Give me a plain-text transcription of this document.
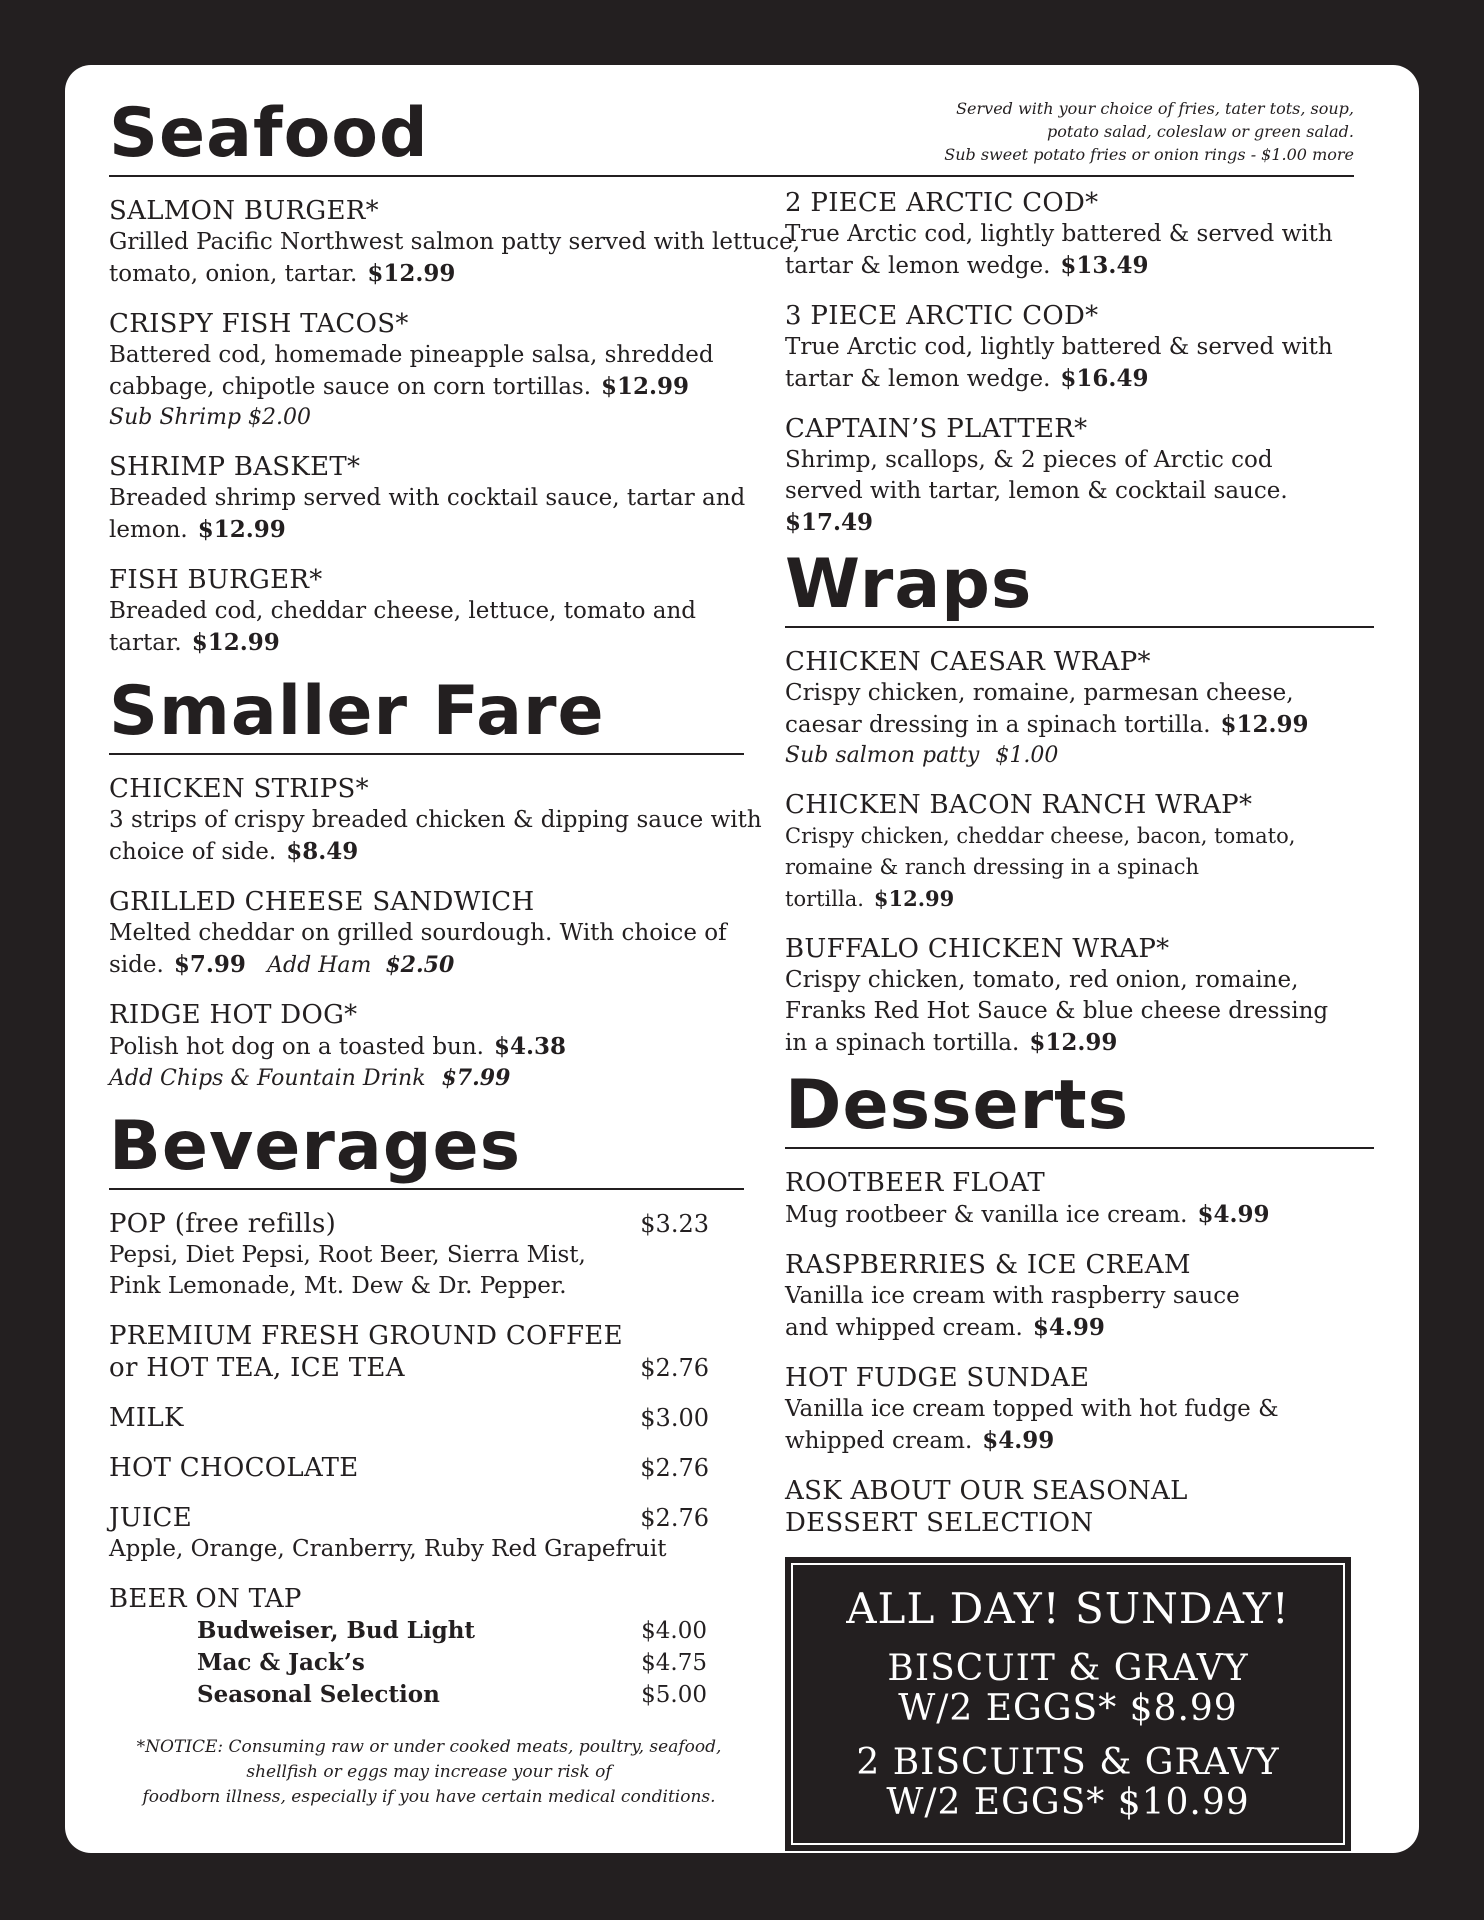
Seafood	Served with your choice of fries, tater tots, soup,
potato salad, coleslaw or green salad.
Sub sweet potato fries or onion rings - $1.00 more
SALMON BURGER*
Grilled Pacific Northwest salmon patty served with lettuce, tomato, onion, tartar. $12.99
CRISPY FISH TACOS*
Battered cod, homemade pineapple salsa, shredded cabbage, chipotle sauce on corn tortillas. $12.99
Sub Shrimp $2.00
SHRIMP BASKET*
Breaded shrimp served with cocktail sauce, tartar and lemon. $12.99
FISH BURGER*
Breaded cod, cheddar cheese, lettuce, tomato and tartar. $12.99
Smaller Fare
CHICKEN STRIPS*
3 strips of crispy breaded chicken & dipping sauce with choice of side. $8.49
GRILLED CHEESE SANDWICH
Melted cheddar on grilled sourdough. With choice of side. $7.99 Add Ham $2.50
RIDGE HOT DOG*
Polish hot dog on a toasted bun. $4.38
Add Chips & Fountain Drink $7.99
Beverages
POP (free refills)	$3.23
Pepsi, Diet Pepsi, Root Beer, Sierra Mist, Pink Lemonade, Mt. Dew & Dr. Pepper.
PREMIUM FRESH GROUND COFFEE
or HOT TEA, ICE TEA	$2.76
MILK	$3.00
HOT CHOCOLATE	$2.76
JUICE	$2.76
Apple, Orange, Cranberry, Ruby Red Grapefruit
BEER ON TAP
Budweiser, Bud Light	$4.00
Mac & Jack’s	$4.75
Seasonal Selection	$5.00
*NOTICE: Consuming raw or under cooked meats, poultry, seafood,
shellfish or eggs may increase your risk of
foodborn illness, especially if you have certain medical conditions.
2 PIECE ARCTIC COD*
True Arctic cod, lightly battered & served with tartar & lemon wedge. $13.49
3 PIECE ARCTIC COD*
True Arctic cod, lightly battered & served with tartar & lemon wedge. $16.49
CAPTAIN’S PLATTER*
Shrimp, scallops, & 2 pieces of Arctic cod served with tartar, lemon & cocktail sauce.
$17.49
Wraps
CHICKEN CAESAR WRAP*
Crispy chicken, romaine, parmesan cheese, caesar dressing in a spinach tortilla. $12.99
Sub salmon patty $1.00
CHICKEN BACON RANCH WRAP*
Crispy chicken, cheddar cheese, bacon, tomato, romaine & ranch dressing in a spinach tortilla. $12.99
BUFFALO CHICKEN WRAP*
Crispy chicken, tomato, red onion, romaine, Franks Red Hot Sauce & blue cheese dressing in a spinach tortilla. $12.99
Desserts
ROOTBEER FLOAT
Mug rootbeer & vanilla ice cream. $4.99
RASPBERRIES & ICE CREAM
Vanilla ice cream with raspberry sauce and whipped cream. $4.99
HOT FUDGE SUNDAE
Vanilla ice cream topped with hot fudge & whipped cream. $4.99
ASK ABOUT OUR SEASONAL
DESSERT SELECTION
ALL DAY! SUNDAY!
BISCUIT & GRAVY
W/2 EGGS* $8.99
2 BISCUITS & GRAVY
W/2 EGGS* $10.99
